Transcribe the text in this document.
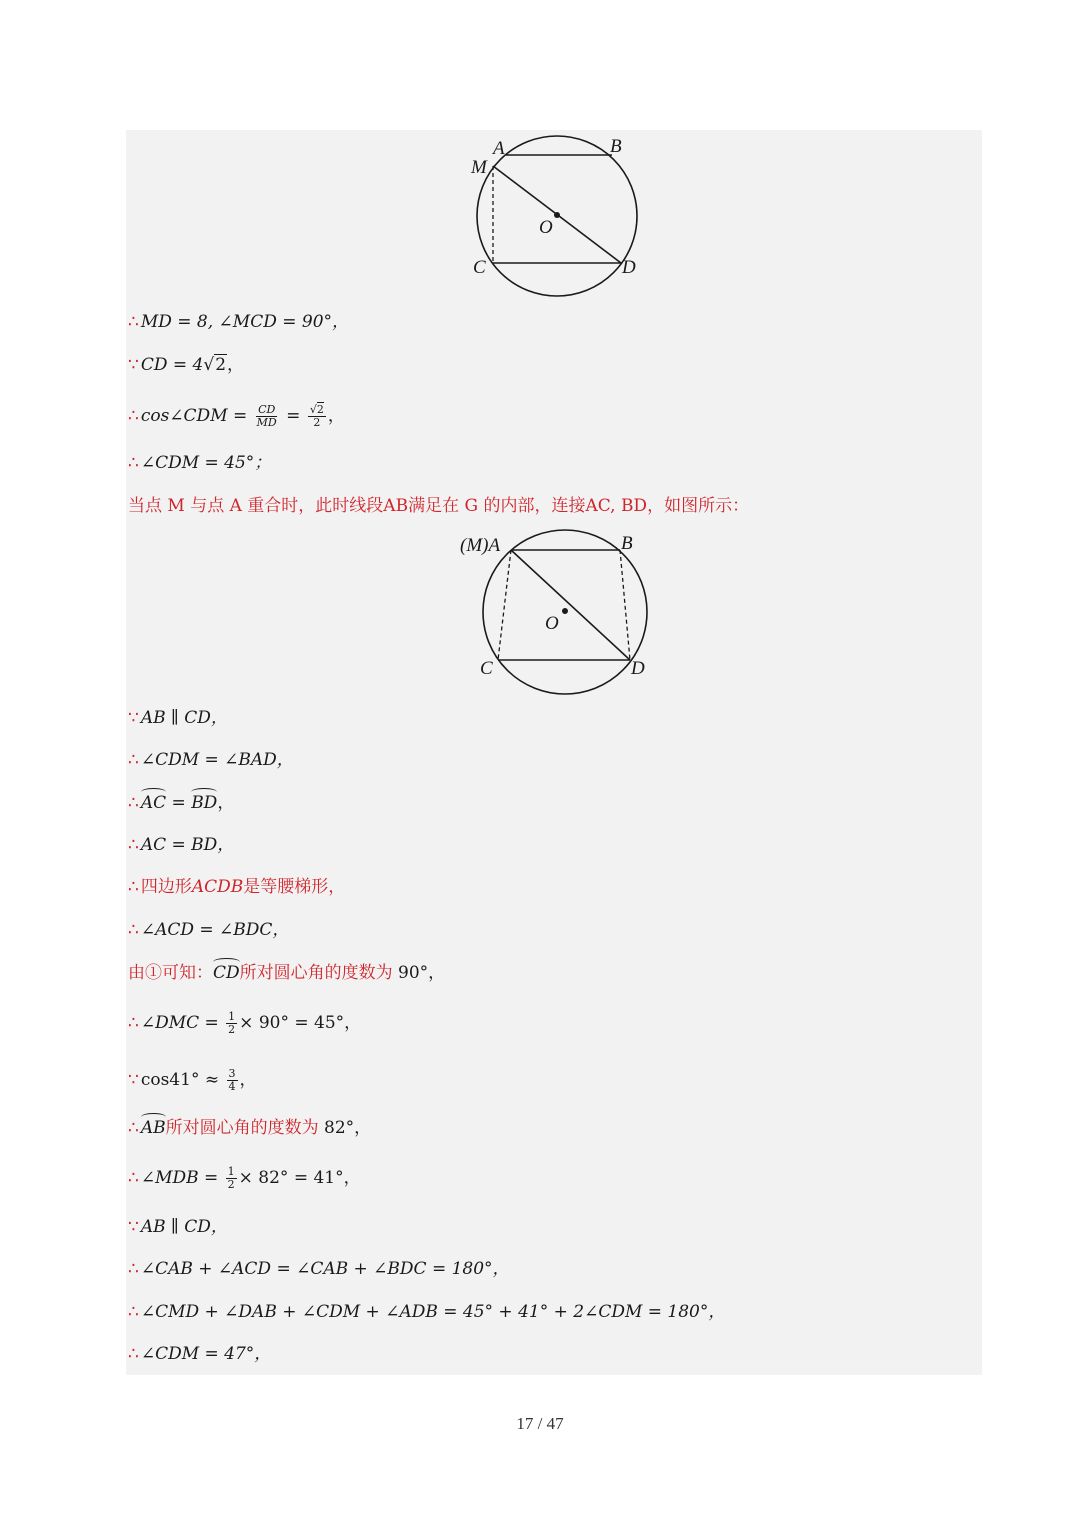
A	B
M
O
C	D
(M)A	B
O
C	D
∴ MD = 8, ∠MCD = 90°，
∵ CD = 4√2，
∴ cos∠CDM = $\frac{CD}{MD} = \frac{√2}{2}$ ，
∴ ∠CDM = 45°；
当点 M 与点 A 重合时，此时线段AB满足在 G 的内部，连接AC, BD，如图所示：
∵ AB ∥ CD，
∴ ∠CDM = ∠BAD，
∴ AC = BD，
∴ AC = BD，
∴ 四边形ACDB是等腰梯形，
∴ ∠ACD = ∠BDC，
由①可知：CD所对圆心角的度数为 90°，
∴ ∠DMC = $\frac{1}{2} \times 90^\circ = 45^\circ$，
∵ $\cos 41^\circ \approx \frac{3}{4}$ ，
∴ AB所对圆心角的度数为 82°，
∴ ∠MDB = $\frac{1}{2} \times 82^\circ = 41^\circ$，
∵ AB ∥ CD，
∴ ∠CAB + ∠ACD = ∠CAB + ∠BDC = 180°，
∴ ∠CMD + ∠DAB + ∠CDM + ∠ADB = 45° + 41° + 2∠CDM = 180°，
∴ ∠CDM = 47°，
17 / 47
